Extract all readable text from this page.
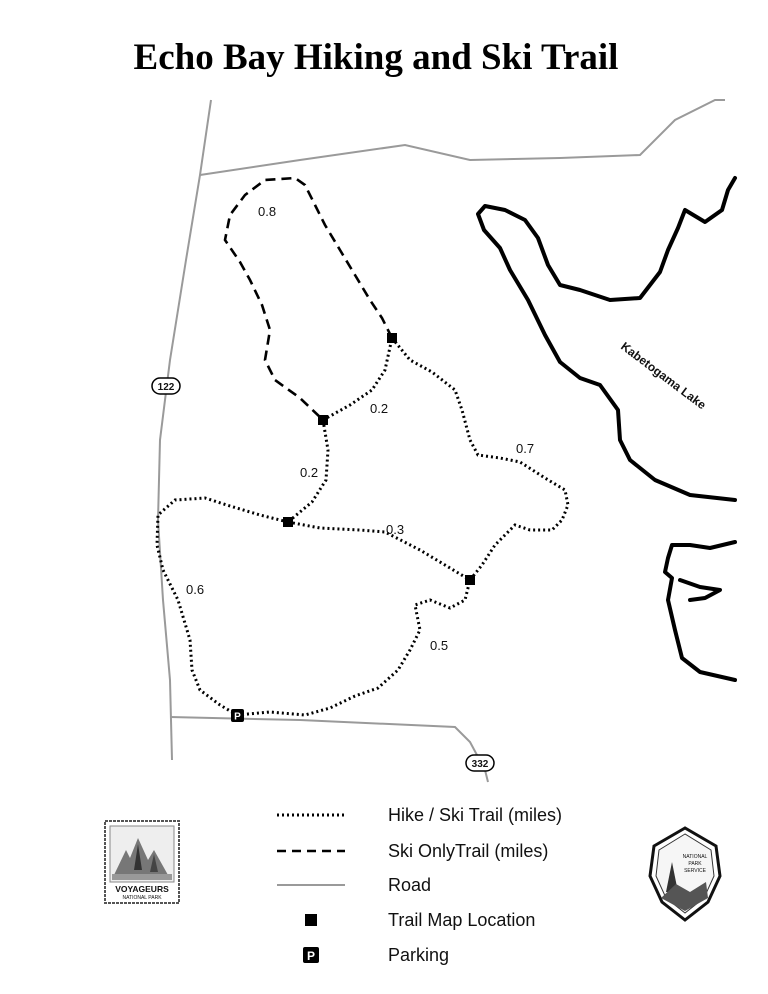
Echo Bay Hiking and Ski Trail
Kabetogama Lake
P
122
332
0.8
0.2
0.2
0.7
0.3
0.6
0.5
Hike / Ski Trail (miles)
Ski OnlyTrail (miles)
Road
Trail Map Location
P	Parking
VOYAGEURS
NATIONAL PARK
NATIONAL
PARK
SERVICE
